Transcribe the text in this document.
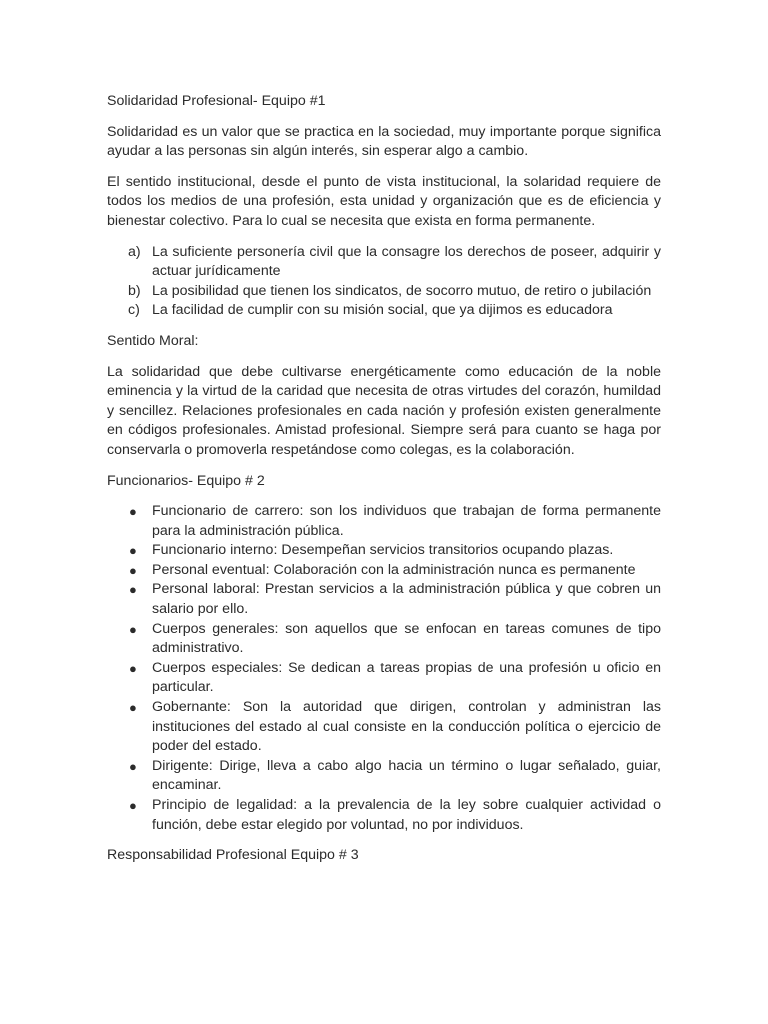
Solidaridad Profesional- Equipo #1

Solidaridad es un valor que se practica en la sociedad, muy importante porque significa ayudar a las personas sin algún interés, sin esperar algo a cambio.

El sentido institucional, desde el punto de vista institucional, la solaridad requiere de todos los medios de una profesión, esta unidad y organización que es de eficiencia y bienestar colectivo. Para lo cual se necesita que exista en forma permanente.

a) La suficiente personería civil que la consagre los derechos de poseer, adquirir y actuar jurídicamente
b) La posibilidad que tienen los sindicatos, de socorro mutuo, de retiro o jubilación
c) La facilidad de cumplir con su misión social, que ya dijimos es educadora

Sentido Moral:

La solidaridad que debe cultivarse energéticamente como educación de la noble eminencia y la virtud de la caridad que necesita de otras virtudes del corazón, humildad y sencillez. Relaciones profesionales en cada nación y profesión existen generalmente en códigos profesionales. Amistad profesional. Siempre será para cuanto se haga por conservarla o promoverla respetándose como colegas, es la colaboración.

Funcionarios- Equipo # 2

● Funcionario de carrero: son los individuos que trabajan de forma permanente para la administración pública.
● Funcionario interno: Desempeñan servicios transitorios ocupando plazas.
● Personal eventual: Colaboración con la administración nunca es permanente
● Personal laboral: Prestan servicios a la administración pública y que cobren un salario por ello.
● Cuerpos generales: son aquellos que se enfocan en tareas comunes de tipo administrativo.
● Cuerpos especiales: Se dedican a tareas propias de una profesión u oficio en particular.
● Gobernante: Son la autoridad que dirigen, controlan y administran las instituciones del estado al cual consiste en la conducción política o ejercicio de poder del estado.
● Dirigente: Dirige, lleva a cabo algo hacia un término o lugar señalado, guiar, encaminar.
● Principio de legalidad: a la prevalencia de la ley sobre cualquier actividad o función, debe estar elegido por voluntad, no por individuos.

Responsabilidad Profesional Equipo # 3
